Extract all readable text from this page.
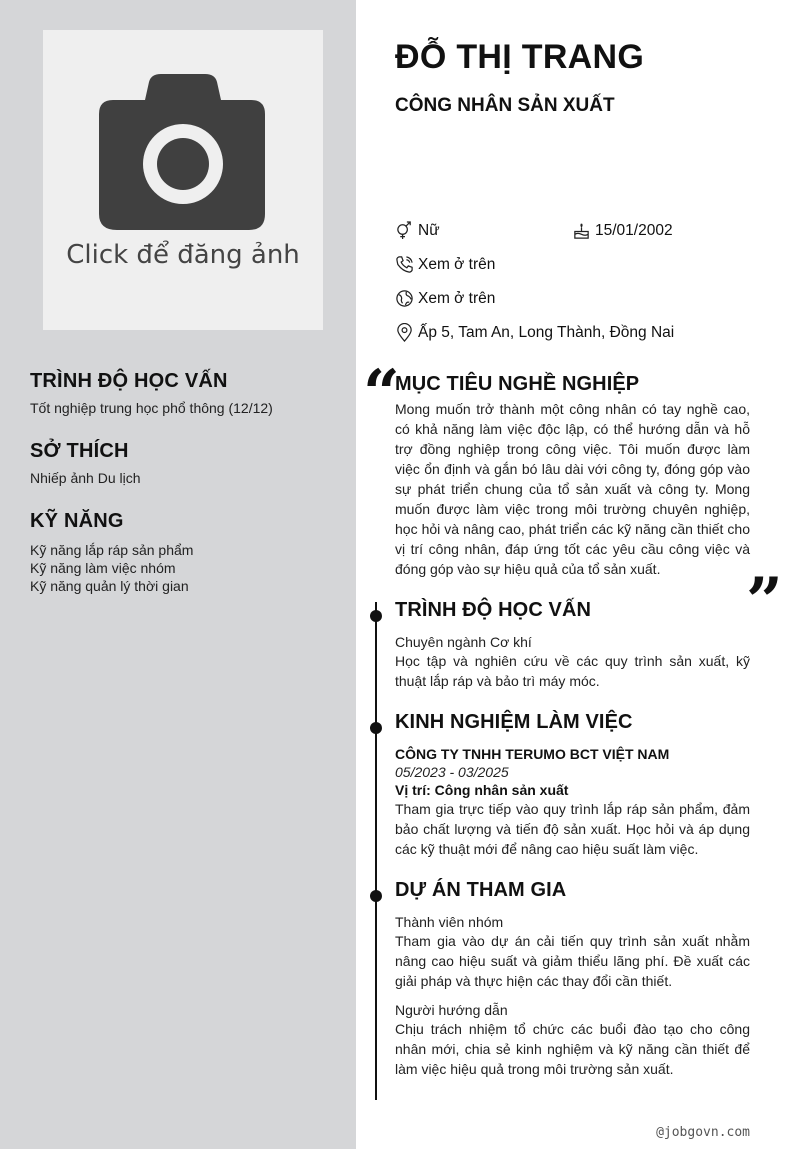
Click để đăng ảnh
TRÌNH ĐỘ HỌC VẤN
Tốt nghiệp trung học phổ thông (12/12)
SỞ THÍCH
Nhiếp ảnh Du lịch
KỸ NĂNG
Kỹ năng lắp ráp sản phẩm
Kỹ năng làm việc nhóm
Kỹ năng quản lý thời gian
ĐỖ THỊ TRANG
CÔNG NHÂN SẢN XUẤT
Nữ	15/01/2002
Xem ở trên
Xem ở trên
Ấp 5, Tam An, Long Thành, Đồng Nai
“
MỤC TIÊU NGHỀ NGHIỆP
Mong muốn trở thành một công nhân có tay nghề cao, có khả năng làm việc độc lập, có thể hướng dẫn và hỗ trợ đồng nghiệp trong công việc. Tôi muốn được làm việc ổn định và gắn bó lâu dài với công ty, đóng góp vào sự phát triển chung của tổ sản xuất và công ty. Mong muốn được làm việc trong môi trường chuyên nghiệp, học hỏi và nâng cao, phát triển các kỹ năng cần thiết cho vị trí công nhân, đáp ứng tốt các yêu cầu công việc và đóng góp vào sự hiệu quả của tổ sản xuất.	”
TRÌNH ĐỘ HỌC VẤN
Chuyên ngành Cơ khí
Học tập và nghiên cứu về các quy trình sản xuất, kỹ thuật lắp ráp và bảo trì máy móc.
KINH NGHIỆM LÀM VIỆC
CÔNG TY TNHH TERUMO BCT VIỆT NAM
05/2023 - 03/2025
Vị trí: Công nhân sản xuất
Tham gia trực tiếp vào quy trình lắp ráp sản phẩm, đảm bảo chất lượng và tiến độ sản xuất. Học hỏi và áp dụng các kỹ thuật mới để nâng cao hiệu suất làm việc.
DỰ ÁN THAM GIA
Thành viên nhóm
Tham gia vào dự án cải tiến quy trình sản xuất nhằm nâng cao hiệu suất và giảm thiểu lãng phí. Đề xuất các giải pháp và thực hiện các thay đổi cần thiết.
Người hướng dẫn
Chịu trách nhiệm tổ chức các buổi đào tạo cho công nhân mới, chia sẻ kinh nghiệm và kỹ năng cần thiết để làm việc hiệu quả trong môi trường sản xuất.
@jobgovn.com
